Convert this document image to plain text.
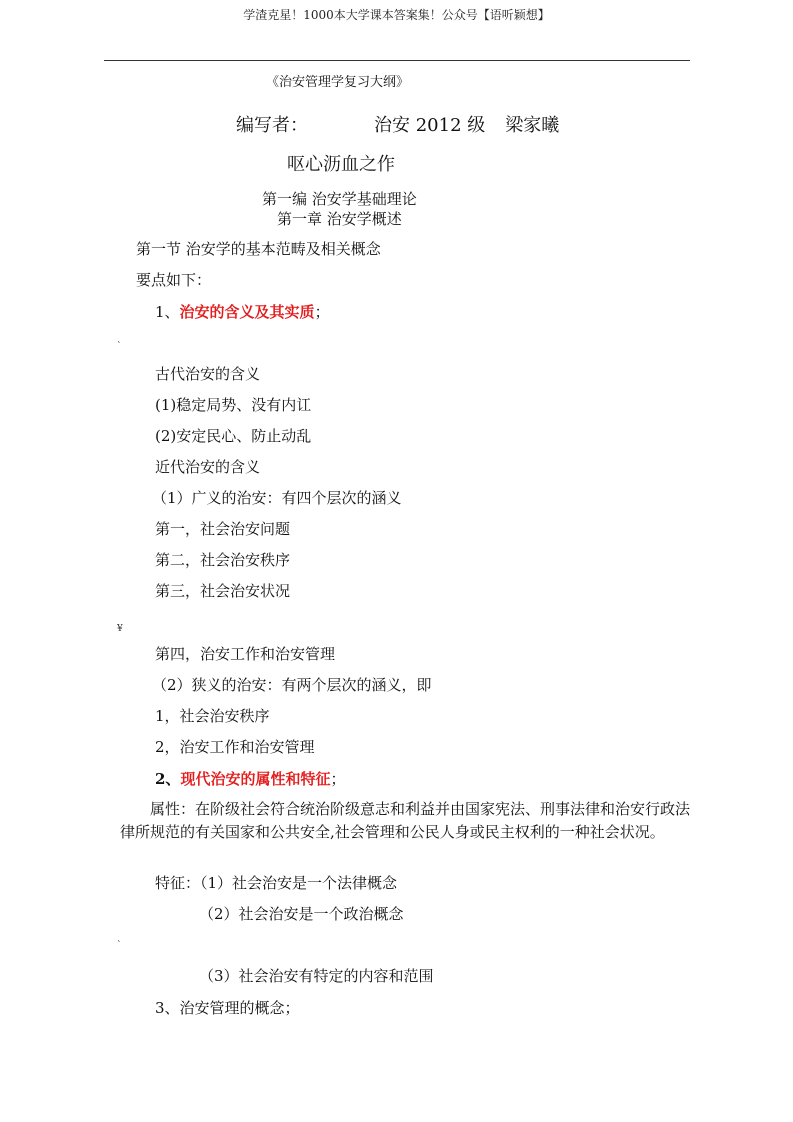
学渣克星！1000本大学课本答案集！公众号【语听颖想】
《治安管理学复习大纲》
编写者：	治安 2012 级 梁家曦
呕心沥血之作
第一编 治安学基础理论
第一章 治安学概述
第一节 治安学的基本范畴及相关概念
要点如下：
1、治安的含义及其实质；
`
古代治安的含义
(1)稳定局势、没有内讧
(2)安定民心、防止动乱
近代治安的含义
（1）广义的治安：有四个层次的涵义
第一，社会治安问题
第二，社会治安秩序
第三，社会治安状况
¥
第四，治安工作和治安管理
（2）狭义的治安：有两个层次的涵义，即
1，社会治安秩序
2，治安工作和治安管理
2、现代治安的属性和特征；
属性：在阶级社会符合统治阶级意志和利益并由国家宪法、刑事法律和治安行政法律所规范的有关国家和公共安全,社会管理和公民人身或民主权利的一种社会状况。
特征：（1）社会治安是一个法律概念
（2）社会治安是一个政治概念
`
（3）社会治安有特定的内容和范围
3、治安管理的概念；
